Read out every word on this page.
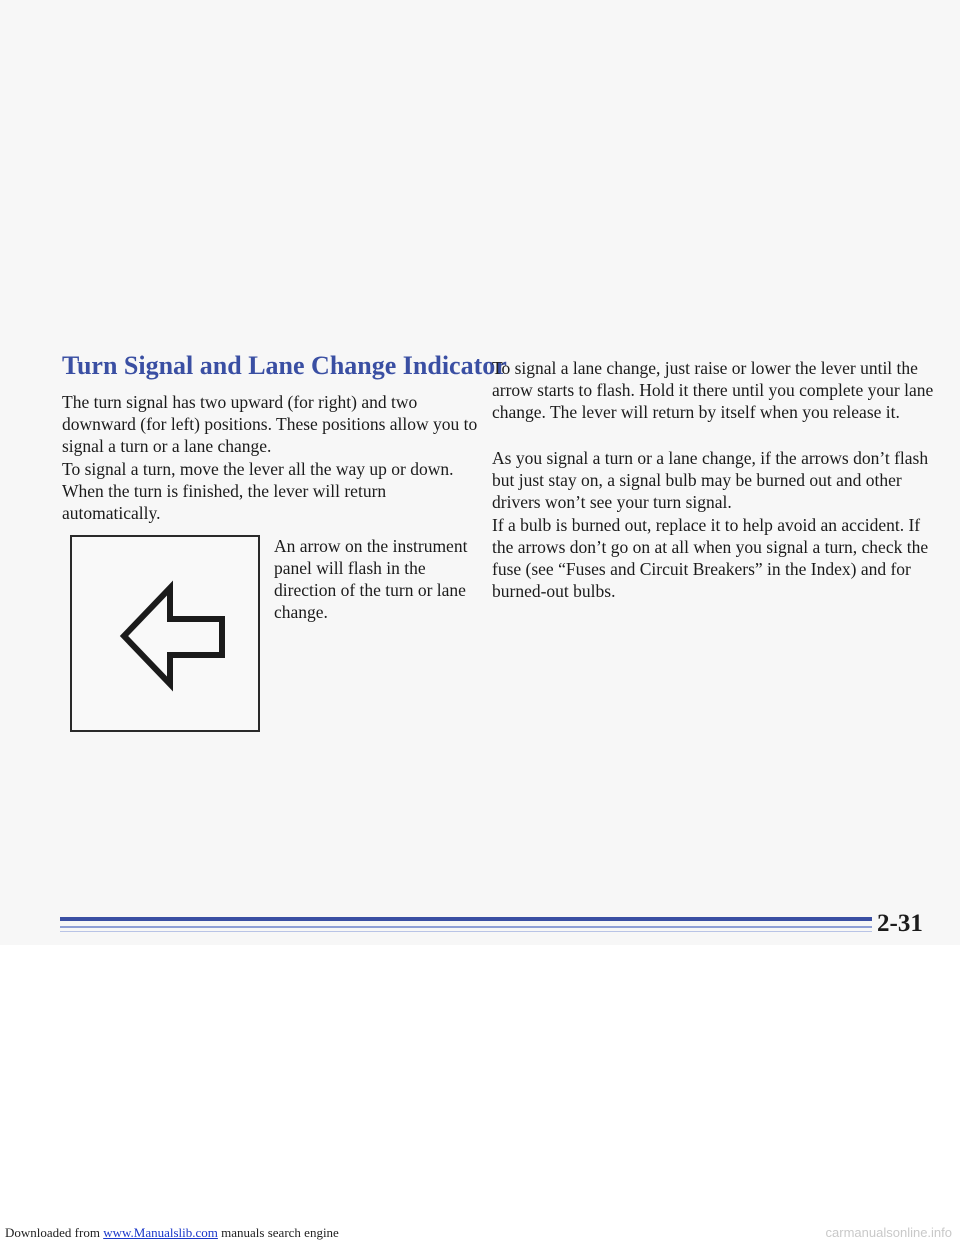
Turn Signal and Lane Change Indicator

The turn signal has two upward (for right) and two downward (for left) positions. These positions allow you to signal a turn or a lane change.

To signal a turn, move the lever all the way up or down. When the turn is finished, the lever will return automatically.

An arrow on the instrument panel will flash in the direction of the turn or lane change.

To signal a lane change, just raise or lower the lever until the arrow starts to flash. Hold it there until you complete your lane change. The lever will return by itself when you release it.

As you signal a turn or a lane change, if the arrows don’t flash but just stay on, a signal bulb may be burned out and other drivers won’t see your turn signal.

If a bulb is burned out, replace it to help avoid an accident. If the arrows don’t go on at all when you signal a turn, check the fuse (see “Fuses and Circuit Breakers” in the Index) and for burned-out bulbs.

2-31

Downloaded from www.Manualslib.com manuals search engine	carmanualsonline.info
